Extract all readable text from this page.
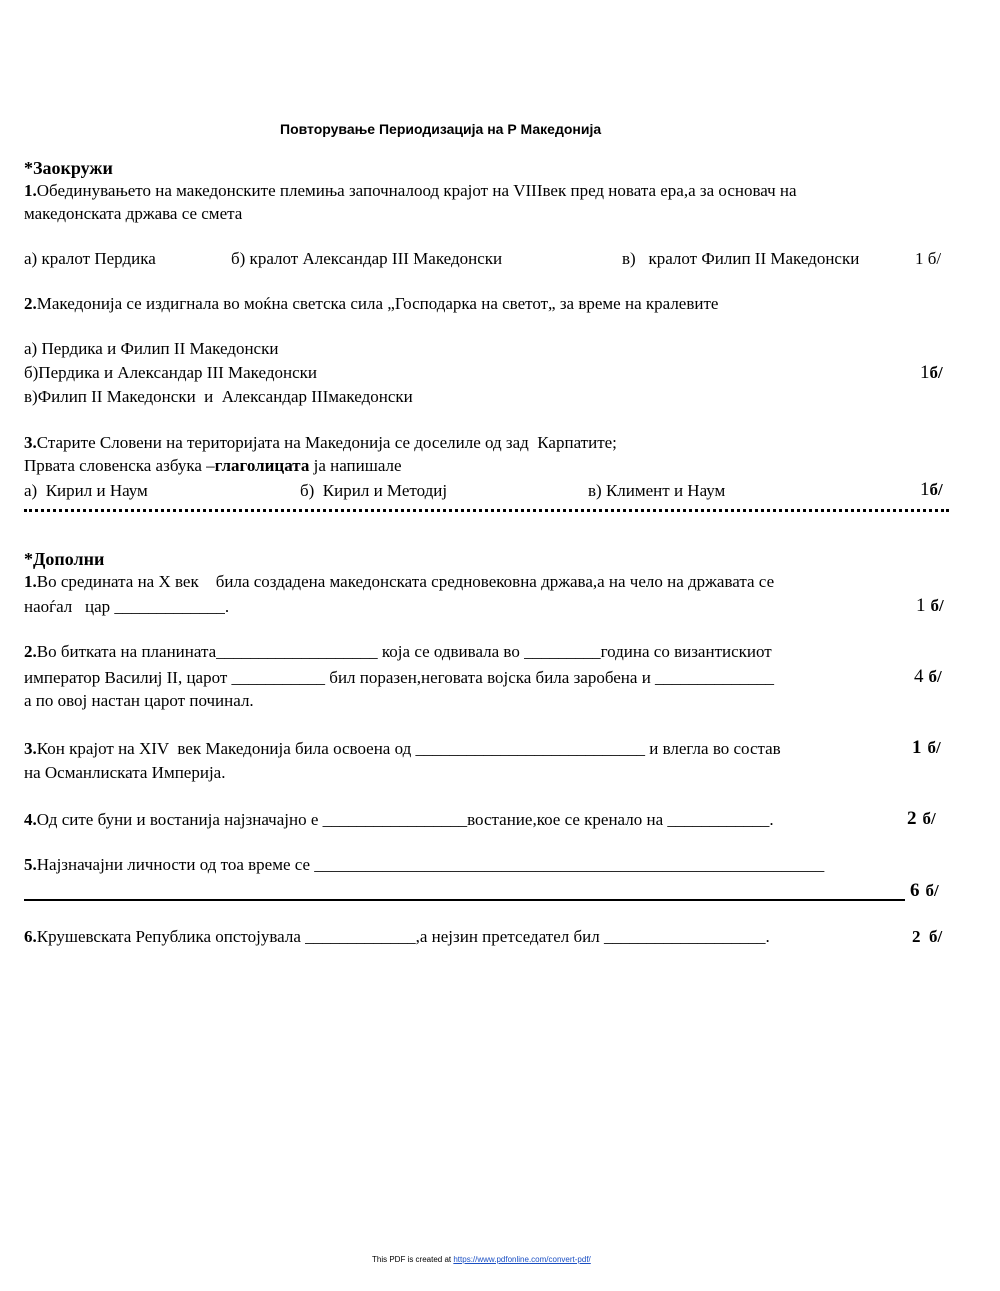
Повторување Периодизација на Р Македонија
*Заокружи
1.Обединувањето на македонските племиња започналоод крајот на VIIIвек пред новата ера,а за основач на
македонската држава се смета
а) кралот Пердика	б) кралот Александар III Македонски	в)   кралот Филип II Македонски	1 б/
2.Македонија се издигнала во моќна светска сила „Господарка на светот„ за време на кралевите
а) Пердика и Филип II Македонски
б)Пердика и Александар III Македонски
в)Филип II Македонски  и  Александар IIIмакедонски
1б/
3.Старите Словени на територијата на Македонија се доселиле од зад  Карпатите;
Првата словенска азбука –глаголицата ја напишале
а)  Кирил и Наум	б)  Кирил и Методиј	в) Климент и Наум	1б/
*Дополни
1.Во средината на X век    била создадена македонската средновековна држава,а на чело на државата се
наоѓал   цар _____________.	1 б/
2.Во битката на планината___________________ која се одвивала во _________година со византискиот
император Василиј II, царот ___________ бил поразен,неговата војска била заробена и ______________
а по овој настан царот починал.
4 б/
3.Кон крајот на XIV  век Македонија била освоена од ___________________________ и влегла во состав
на Османлиската Империја.
1 б/
4.Од сите буни и востанија најзначајно е _________________востание,кое се кренало на ____________.	2 б/
5.Најзначајни личности од тоа време се ____________________________________________________________
6 б/
6.Крушевската Република опстојувала _____________,а нејзин претседател бил ___________________.	2  б/
This PDF is created at https://www.pdfonline.com/convert-pdf/
